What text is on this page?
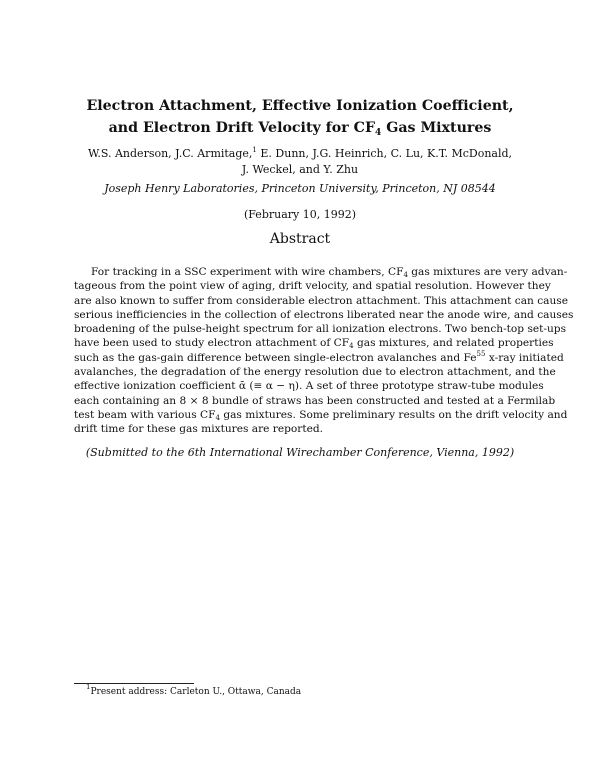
Electron Attachment, Effective Ionization Coefficient,
and Electron Drift Velocity for $CF_4$ Gas Mixtures
W.S. Anderson, J.C. Armitage,$^1$ E. Dunn, J.G. Heinrich, C. Lu, K.T. McDonald,
J. Weckel, and Y. Zhu
Joseph Henry Laboratories, Princeton University, Princeton, NJ 08544
(February 10, 1992)
Abstract
For tracking in a SSC experiment with wire chambers, $CF_4$ gas mixtures are very advan-
tageous from the point view of aging, drift velocity, and spatial resolution. However they
are also known to suffer from considerable electron attachment. This attachment can cause
serious inefficiencies in the collection of electrons liberated near the anode wire, and causes
broadening of the pulse-height spectrum for all ionization electrons. Two bench-top set-ups
have been used to study electron attachment of $CF_4$ gas mixtures, and related properties
such as the gas-gain difference between single-electron avalanches and Fe$^{55}$ x-ray initiated
avalanches, the degradation of the energy resolution due to electron attachment, and the
effective ionization coefficient ᾱ (≡ α − η). A set of three prototype straw-tube modules
each containing an 8 × 8 bundle of straws has been constructed and tested at a Fermilab
test beam with various $CF_4$ gas mixtures. Some preliminary results on the drift velocity and
drift time for these gas mixtures are reported.
(Submitted to the 6th International Wirechamber Conference, Vienna, 1992)
$^1$Present address: Carleton U., Ottawa, Canada
